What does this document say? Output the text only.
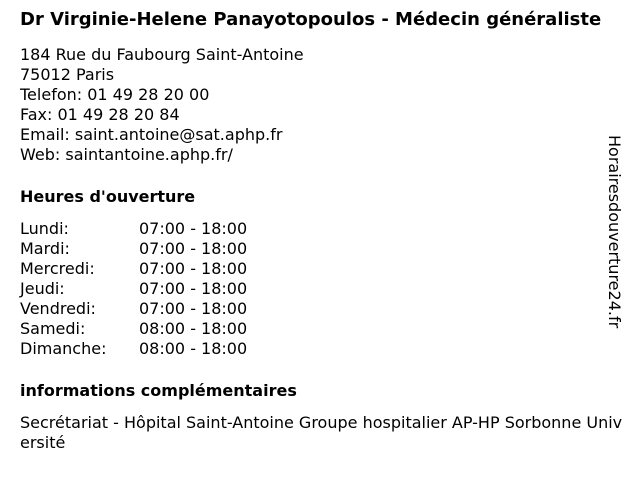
Dr Virginie-Helene Panayotopoulos - Médecin généraliste
184 Rue du Faubourg Saint-Antoine
75012 Paris
Telefon: 01 49 28 20 00
Fax: 01 49 28 20 84
Email: saint.antoine@sat.aphp.fr
Web: saintantoine.aphp.fr/
Heures d'ouverture
Lundi:	07:00 - 18:00
Mardi:	07:00 - 18:00
Mercredi:	07:00 - 18:00
Jeudi:	07:00 - 18:00
Vendredi:	07:00 - 18:00
Samedi:	08:00 - 18:00
Dimanche:	08:00 - 18:00
informations complémentaires
Secrétariat - Hôpital Saint-Antoine Groupe hospitalier AP-HP Sorbonne Université
Horairesdouverture24.fr
